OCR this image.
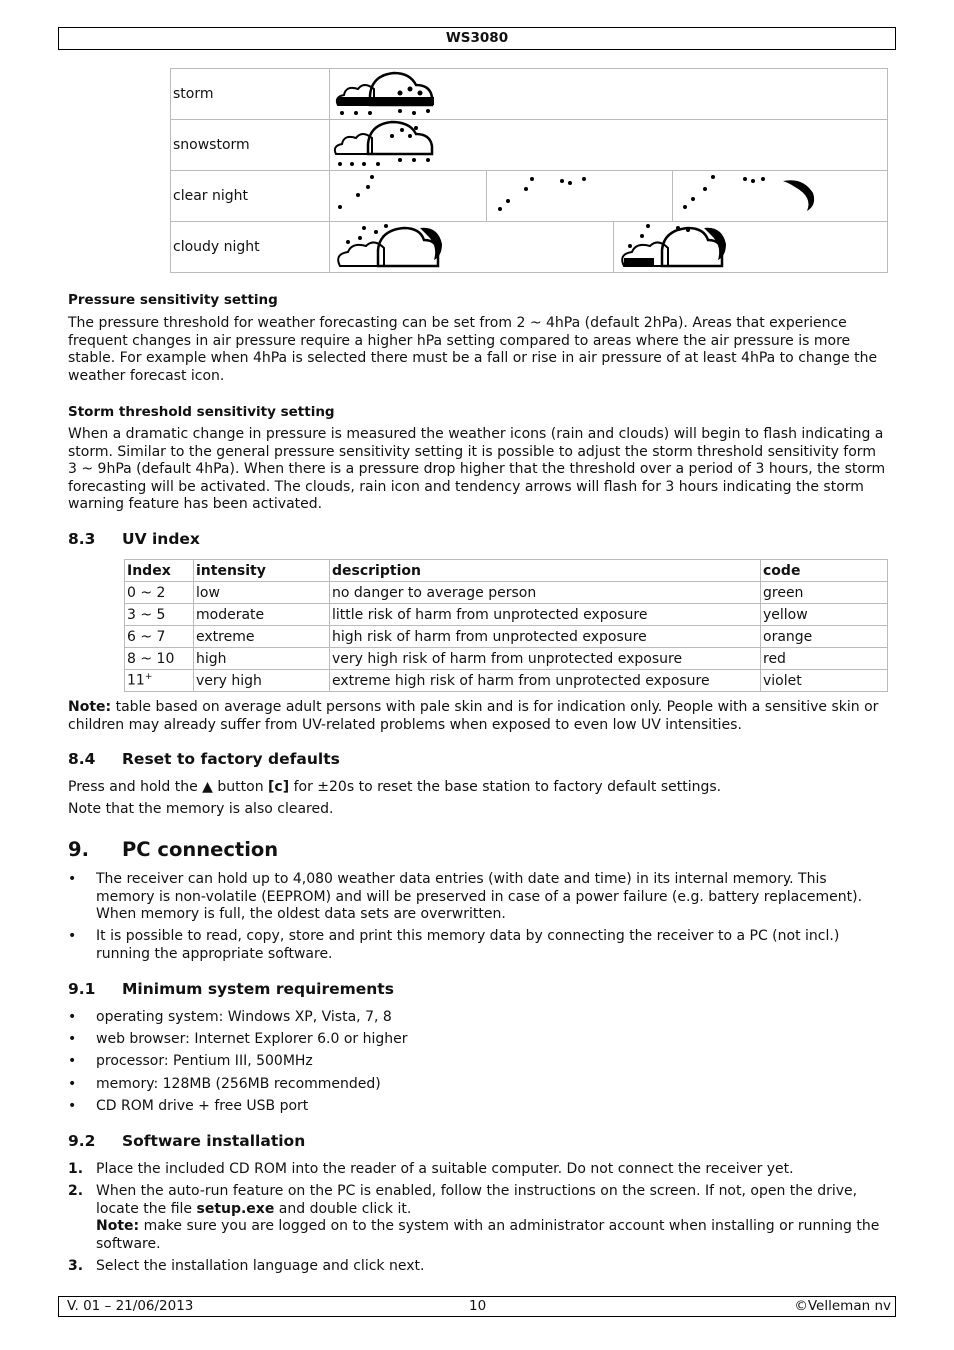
WS3080
storm	

snowstorm	

clear night	

cloudy night	
Pressure sensitivity setting
The pressure threshold for weather forecasting can be set from 2 ~ 4hPa (default 2hPa). Areas that experience frequent changes in air pressure require a higher hPa setting compared to areas where the air pressure is more stable. For example when 4hPa is selected there must be a fall or rise in air pressure of at least 4hPa to change the weather forecast icon.
Storm threshold sensitivity setting
When a dramatic change in pressure is measured the weather icons (rain and clouds) will begin to flash indicating a storm. Similar to the general pressure sensitivity setting it is possible to adjust the storm threshold sensitivity form 3 ~ 9hPa (default 4hPa). When there is a pressure drop higher that the threshold over a period of 3 hours, the storm forecasting will be activated. The clouds, rain icon and tendency arrows will flash for 3 hours indicating the storm warning feature has been activated.
8.3 UV index
Index	intensity	description	code
0 ~ 2	low	no danger to average person	green
3 ~ 5	moderate	little risk of harm from unprotected exposure	yellow
6 ~ 7	extreme	high risk of harm from unprotected exposure	orange
8 ~ 10	high	very high risk of harm from unprotected exposure	red
11+	very high	extreme high risk of harm from unprotected exposure	violet
Note: table based on average adult persons with pale skin and is for indication only. People with a sensitive skin or children may already suffer from UV-related problems when exposed to even low UV intensities.
8.4 Reset to factory defaults
Press and hold the ▲ button [c] for ±20s to reset the base station to factory default settings.
Note that the memory is also cleared.
9. PC connection
• The receiver can hold up to 4,080 weather data entries (with date and time) in its internal memory. This memory is non-volatile (EEPROM) and will be preserved in case of a power failure (e.g. battery replacement). When memory is full, the oldest data sets are overwritten.
• It is possible to read, copy, store and print this memory data by connecting the receiver to a PC (not incl.) running the appropriate software.
9.1 Minimum system requirements
• operating system: Windows XP, Vista, 7, 8
• web browser: Internet Explorer 6.0 or higher
• processor: Pentium III, 500MHz
• memory: 128MB (256MB recommended)
• CD ROM drive + free USB port
9.2 Software installation
1. Place the included CD ROM into the reader of a suitable computer. Do not connect the receiver yet.
2. When the auto-run feature on the PC is enabled, follow the instructions on the screen. If not, open the drive, locate the file setup.exe and double click it.
Note: make sure you are logged on to the system with an administrator account when installing or running the software.
3. Select the installation language and click next.
V. 01 – 21/06/2013	10	©Velleman nv
